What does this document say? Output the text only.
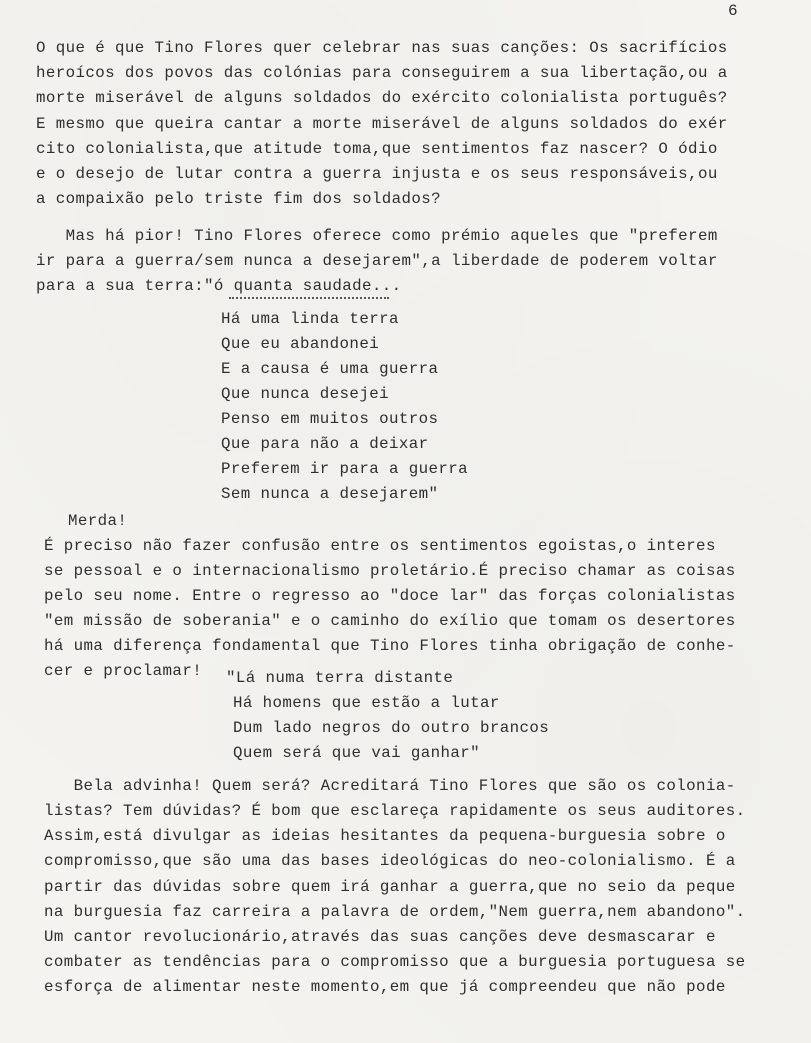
6
O que é que Tino Flores quer celebrar nas suas canções: Os sacrifícios
heroícos dos povos das colónias para conseguirem a sua libertação,ou a
morte miserável de alguns soldados do exército colonialista português?
E mesmo que queira cantar a morte miserável de alguns soldados do exér
cito colonialista,que atitude toma,que sentimentos faz nascer? O ódio
e o desejo de lutar contra a guerra injusta e os seus responsáveis,ou
a compaixão pelo triste fim dos soldados?
Mas há pior! Tino Flores oferece como prémio aqueles que "preferem
ir para a guerra/sem nunca a desejarem",a liberdade de poderem voltar
para a sua terra:"ó quanta saudade...
Há uma linda terra
Que eu abandonei
E a causa é uma guerra
Que nunca desejei
Penso em muitos outros
Que para não a deixar
Preferem ir para a guerra
Sem nunca a desejarem"
Merda!
É preciso não fazer confusão entre os sentimentos egoistas,o interes
se pessoal e o internacionalismo proletário.É preciso chamar as coisas
pelo seu nome. Entre o regresso ao "doce lar" das forças colonialistas
"em missão de soberania" e o caminho do exílio que tomam os desertores
há uma diferença fondamental que Tino Flores tinha obrigação de conhe-
cer e proclamar! "Lá numa terra distante
Há homens que estão a lutar
Dum lado negros do outro brancos
Quem será que vai ganhar"
Bela advinha! Quem será? Acreditará Tino Flores que são os colonia-
listas? Tem dúvidas? É bom que esclareça rapidamente os seus auditores.
Assim,está divulgar as ideias hesitantes da pequena-burguesia sobre o
compromisso,que são uma das bases ideológicas do neo-colonialismo. É a
partir das dúvidas sobre quem irá ganhar a guerra,que no seio da peque
na burguesia faz carreira a palavra de ordem,"Nem guerra,nem abandono".
Um cantor revolucionário,através das suas canções deve desmascarar e
combater as tendências para o compromisso que a burguesia portuguesa se
esforça de alimentar neste momento,em que já compreendeu que não pode
